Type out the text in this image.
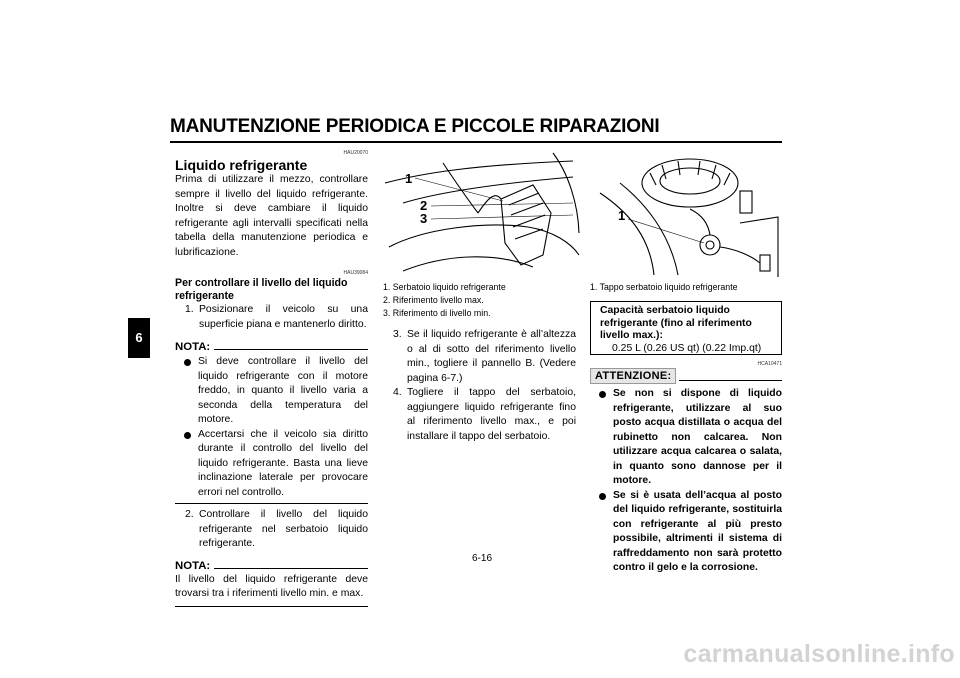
MANUTENZIONE PERIODICA E PICCOLE RIPARAZIONI
6
HAU20070
Liquido refrigerante
Prima di utilizzare il mezzo, controllare sempre il livello del liquido refrigerante. Inoltre si deve cambiare il liquido refrigerante agli intervalli specificati nella tabella della manutenzione periodica e lubrificazione.
HAU39084
Per controllare il livello del liquido refrigerante
1. Posizionare il veicolo su una superficie piana e mantenerlo diritto.
NOTA:
Si deve controllare il livello del liquido refrigerante con il motore freddo, in quanto il livello varia a seconda della temperatura del motore.
Accertarsi che il veicolo sia diritto durante il controllo del livello del liquido refrigerante. Basta una lieve inclinazione laterale per provocare errori nel controllo.
2. Controllare il livello del liquido refrigerante nel serbatoio liquido refrigerante.
NOTA:
Il livello del liquido refrigerante deve trovarsi tra i riferimenti livello min. e max.
1
2
3
1. Serbatoio liquido refrigerante
2. Riferimento livello max.
3. Riferimento di livello min.
3. Se il liquido refrigerante è all’altezza o al di sotto del riferimento livello min., togliere il pannello B. (Vedere pagina 6-7.)
4. Togliere il tappo del serbatoio, aggiungere liquido refrigerante fino al riferimento livello max., e poi installare il tappo del serbatoio.
1
1. Tappo serbatoio liquido refrigerante
Capacità serbatoio liquido refrigerante (fino al riferimento livello max.):
0.25 L (0.26 US qt) (0.22 Imp.qt)
HCA10471
ATTENZIONE:
Se non si dispone di liquido refrigerante, utilizzare al suo posto acqua distillata o acqua del rubinetto non calcarea. Non utilizzare acqua calcarea o salata, in quanto sono dannose per il motore.
Se si è usata dell’acqua al posto del liquido refrigerante, sostituirla con refrigerante al più presto possibile, altrimenti il sistema di raffreddamento non sarà protetto contro il gelo e la corrosione.
6-16
carmanualsonline.info
